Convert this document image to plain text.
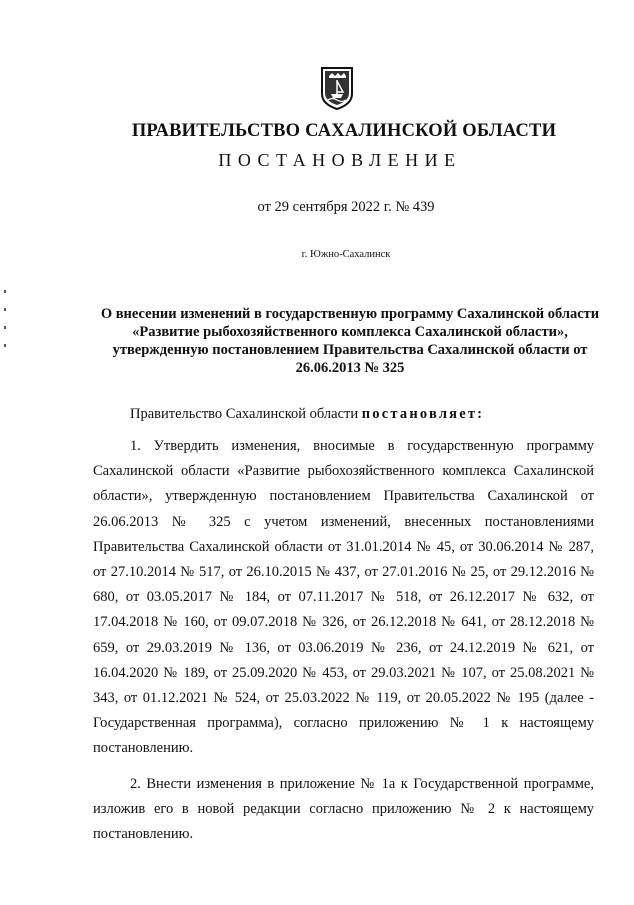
ПРАВИТЕЛЬСТВО САХАЛИНСКОЙ ОБЛАСТИ
ПОСТАНОВЛЕНИЕ
от 29 сентября 2022 г. № 439
г. Южно-Сахалинск
О внесении изменений в государственную программу Сахалинской области «Развитие рыбохозяйственного комплекса Сахалинской области», утвержденную постановлением Правительства Сахалинской области от 26.06.2013 № 325
Правительство Сахалинской области постановляет:

1. Утвердить изменения, вносимые в государственную программу Сахалинской области «Развитие рыбохозяйственного комплекса Сахалинской области», утвержденную постановлением Правительства Сахалинской от 26.06.2013 № 325 с учетом изменений, внесенных постановлениями Правительства Сахалинской области от 31.01.2014 № 45, от 30.06.2014 № 287, от 27.10.2014 № 517, от 26.10.2015 № 437, от 27.01.2016 № 25, от 29.12.2016 № 680, от 03.05.2017 № 184, от 07.11.2017 № 518, от 26.12.2017 № 632, от 17.04.2018 № 160, от 09.07.2018 № 326, от 26.12.2018 № 641, от 28.12.2018 № 659, от 29.03.2019 № 136, от 03.06.2019 № 236, от 24.12.2019 № 621, от 16.04.2020 № 189, от 25.09.2020 № 453, от 29.03.2021 № 107, от 25.08.2021 № 343, от 01.12.2021 № 524, от 25.03.2022 № 119, от 20.05.2022 № 195 (далее - Государственная программа), согласно приложению № 1 к настоящему постановлению.

2. Внести изменения в приложение № 1а к Государственной программе, изложив его в новой редакции согласно приложению № 2 к настоящему постановлению.
